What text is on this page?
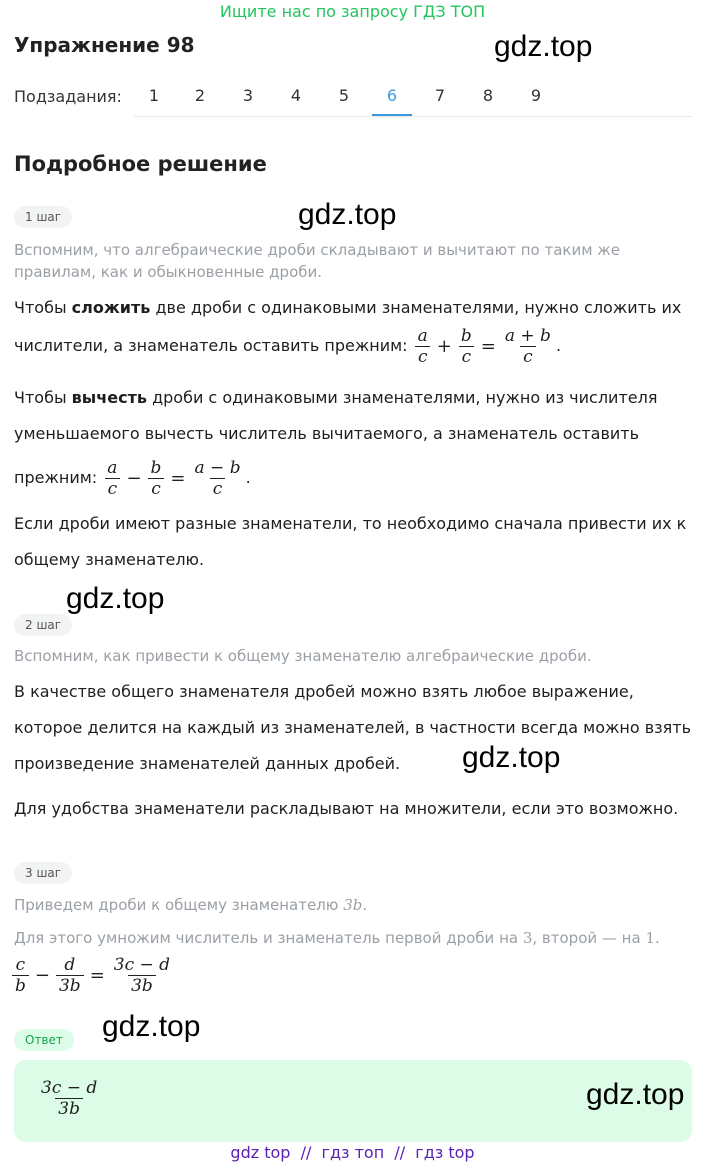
Ищите нас по запросу ГДЗ ТОП
Упражнение 98	gdz.top
Подзадания:	1	2	3	4	5	6	7	8	9
Подробное решение
1 шаг	gdz.top
Вспомним, что алгебраические дроби складывают и вычитают по таким же правилам, как и обыкновенные дроби.
Чтобы сложить две дроби с одинаковыми знаменателями, нужно сложить их
числители, а знаменатель оставить прежним: $\frac{a}{c} + \frac{b}{c} = \frac{a + b}{c}$ .
Чтобы вычесть дроби с одинаковыми знаменателями, нужно из числителя
уменьшаемого вычесть числитель вычитаемого, а знаменатель оставить
прежним: $\frac{a}{c} - \frac{b}{c} = \frac{a - b}{c}$ .
Если дроби имеют разные знаменатели, то необходимо сначала привести их к
общему знаменателю.
gdz.top
2 шаг
Вспомним, как привести к общему знаменателю алгебраические дроби.
В качестве общего знаменателя дробей можно взять любое выражение,
которое делится на каждый из знаменателей, в частности всегда можно взять
произведение знаменателей данных дробей. gdz.top
Для удобства знаменатели раскладывают на множители, если это возможно.
3 шаг
Приведем дроби к общему знаменателю 3b.
Для этого умножим числитель и знаменатель первой дроби на 3, второй — на 1.
$\frac{c}{b} - \frac{d}{3b} = \frac{3c - d}{3b}$
gdz.top
Ответ
$\frac{3c - d}{3b}$	gdz.top
gdz top  //  гдз топ  //  гдз top
